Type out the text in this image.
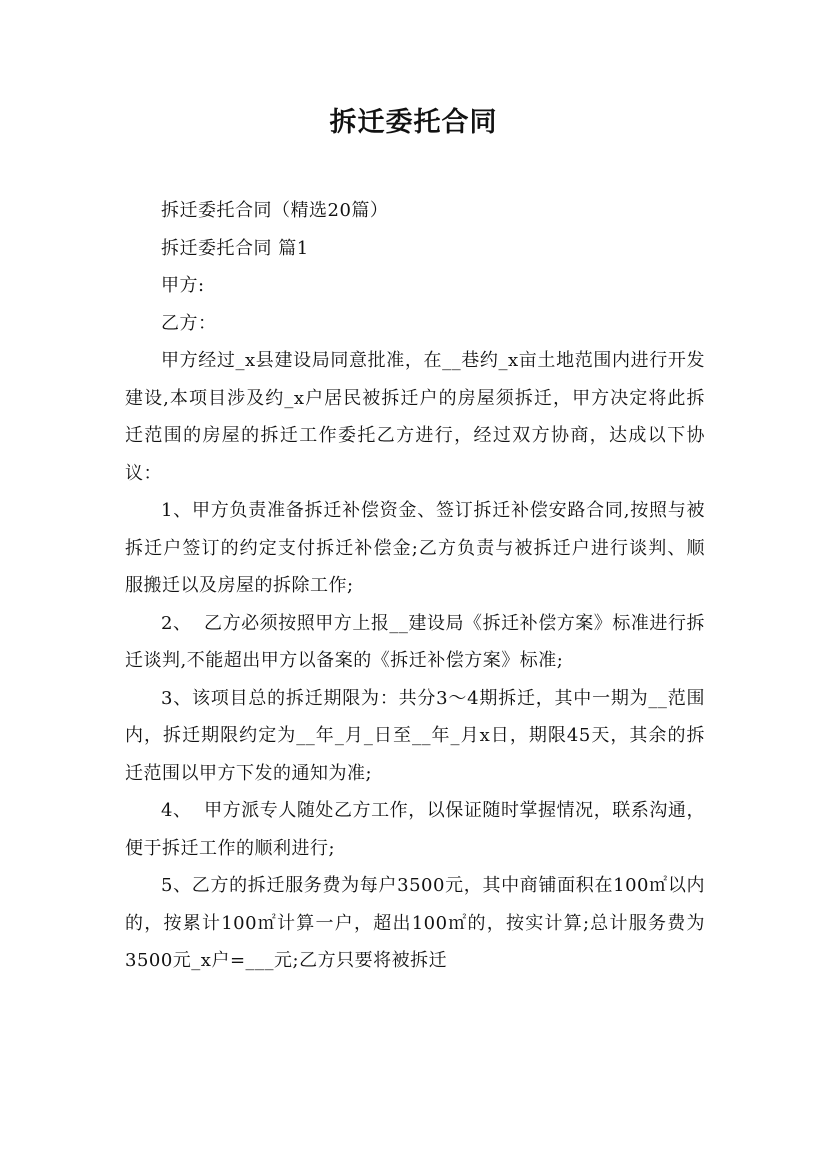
拆迁委托合同

拆迁委托合同（精选20篇）

拆迁委托合同 篇1

甲方:

乙方：

甲方经过_x县建设局同意批准，在__巷约_x亩土地范围内进行开发建设,本项目涉及约_x户居民被拆迁户的房屋须拆迁，甲方决定将此拆迁范围的房屋的拆迁工作委托乙方进行，经过双方协商，达成以下协议：

1、甲方负责准备拆迁补偿资金、签订拆迁补偿安路合同,按照与被拆迁户签订的约定支付拆迁补偿金;乙方负责与被拆迁户进行谈判、顺服搬迁以及房屋的拆除工作;

2、  乙方必须按照甲方上报__建设局《拆迁补偿方案》标准进行拆迁谈判,不能超出甲方以备案的《拆迁补偿方案》标准;

3、该项目总的拆迁期限为：共分3～4期拆迁，其中一期为__范围内，拆迁期限约定为__年_月_日至__年_月x日，期限45天，其余的拆迁范围以甲方下发的通知为准;

4、  甲方派专人随处乙方工作，以保证随时掌握情况，联系沟通，便于拆迁工作的顺利进行;

5、乙方的拆迁服务费为每户3500元，其中商铺面积在100㎡以内的，按累计100㎡计算一户，超出100㎡的，按实计算;总计服务费为3500元_x户=___元;乙方只要将被拆迁
